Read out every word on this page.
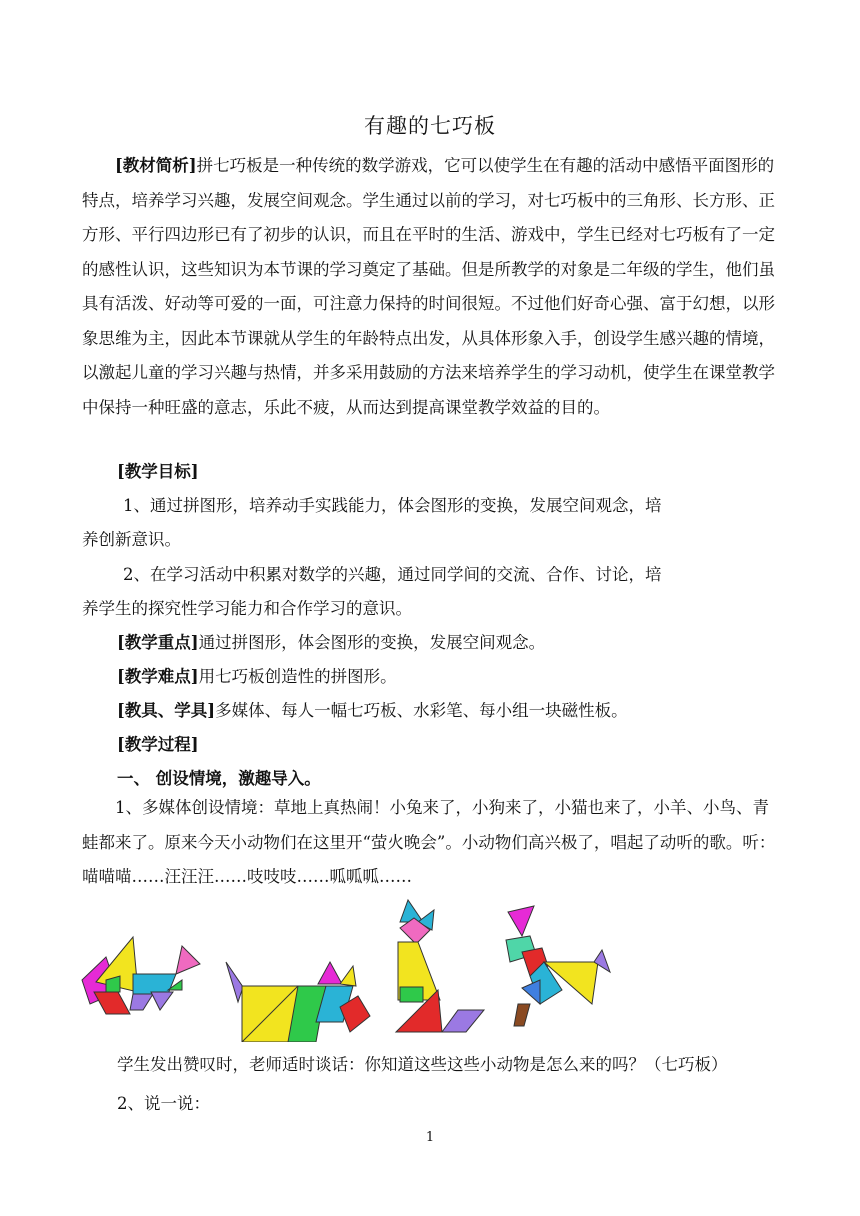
有趣的七巧板

[教材简析]拼七巧板是一种传统的数学游戏，它可以使学生在有趣的活动中感悟平面图形的特点，培养学习兴趣，发展空间观念。学生通过以前的学习，对七巧板中的三角形、长方形、正方形、平行四边形已有了初步的认识，而且在平时的生活、游戏中，学生已经对七巧板有了一定的感性认识，这些知识为本节课的学习奠定了基础。但是所教学的对象是二年级的学生，他们虽具有活泼、好动等可爱的一面，可注意力保持的时间很短。不过他们好奇心强、富于幻想，以形象思维为主，因此本节课就从学生的年龄特点出发，从具体形象入手，创设学生感兴趣的情境，以激起儿童的学习兴趣与热情，并多采用鼓励的方法来培养学生的学习动机，使学生在课堂教学中保持一种旺盛的意志，乐此不疲，从而达到提高课堂教学效益的目的。

[教学目标]
1、通过拼图形，培养动手实践能力，体会图形的变换，发展空间观念，培
养创新意识。
2、在学习活动中积累对数学的兴趣，通过同学间的交流、合作、讨论，培
养学生的探究性学习能力和合作学习的意识。
[教学重点]通过拼图形，体会图形的变换，发展空间观念。
[教学难点]用七巧板创造性的拼图形。
[教具、学具]多媒体、每人一幅七巧板、水彩笔、每小组一块磁性板。
[教学过程]
一、 创设情境，激趣导入。

1、多媒体创设情境：草地上真热闹！小兔来了，小狗来了，小猫也来了，小羊、小鸟、青蛙都来了。原来今天小动物们在这里开“萤火晚会”。小动物们高兴极了，唱起了动听的歌。听：喵喵喵……汪汪汪……吱吱吱……呱呱呱……

学生发出赞叹时，老师适时谈话：你知道这些这些小动物是怎么来的吗？（七巧板）
2、说一说：
1
